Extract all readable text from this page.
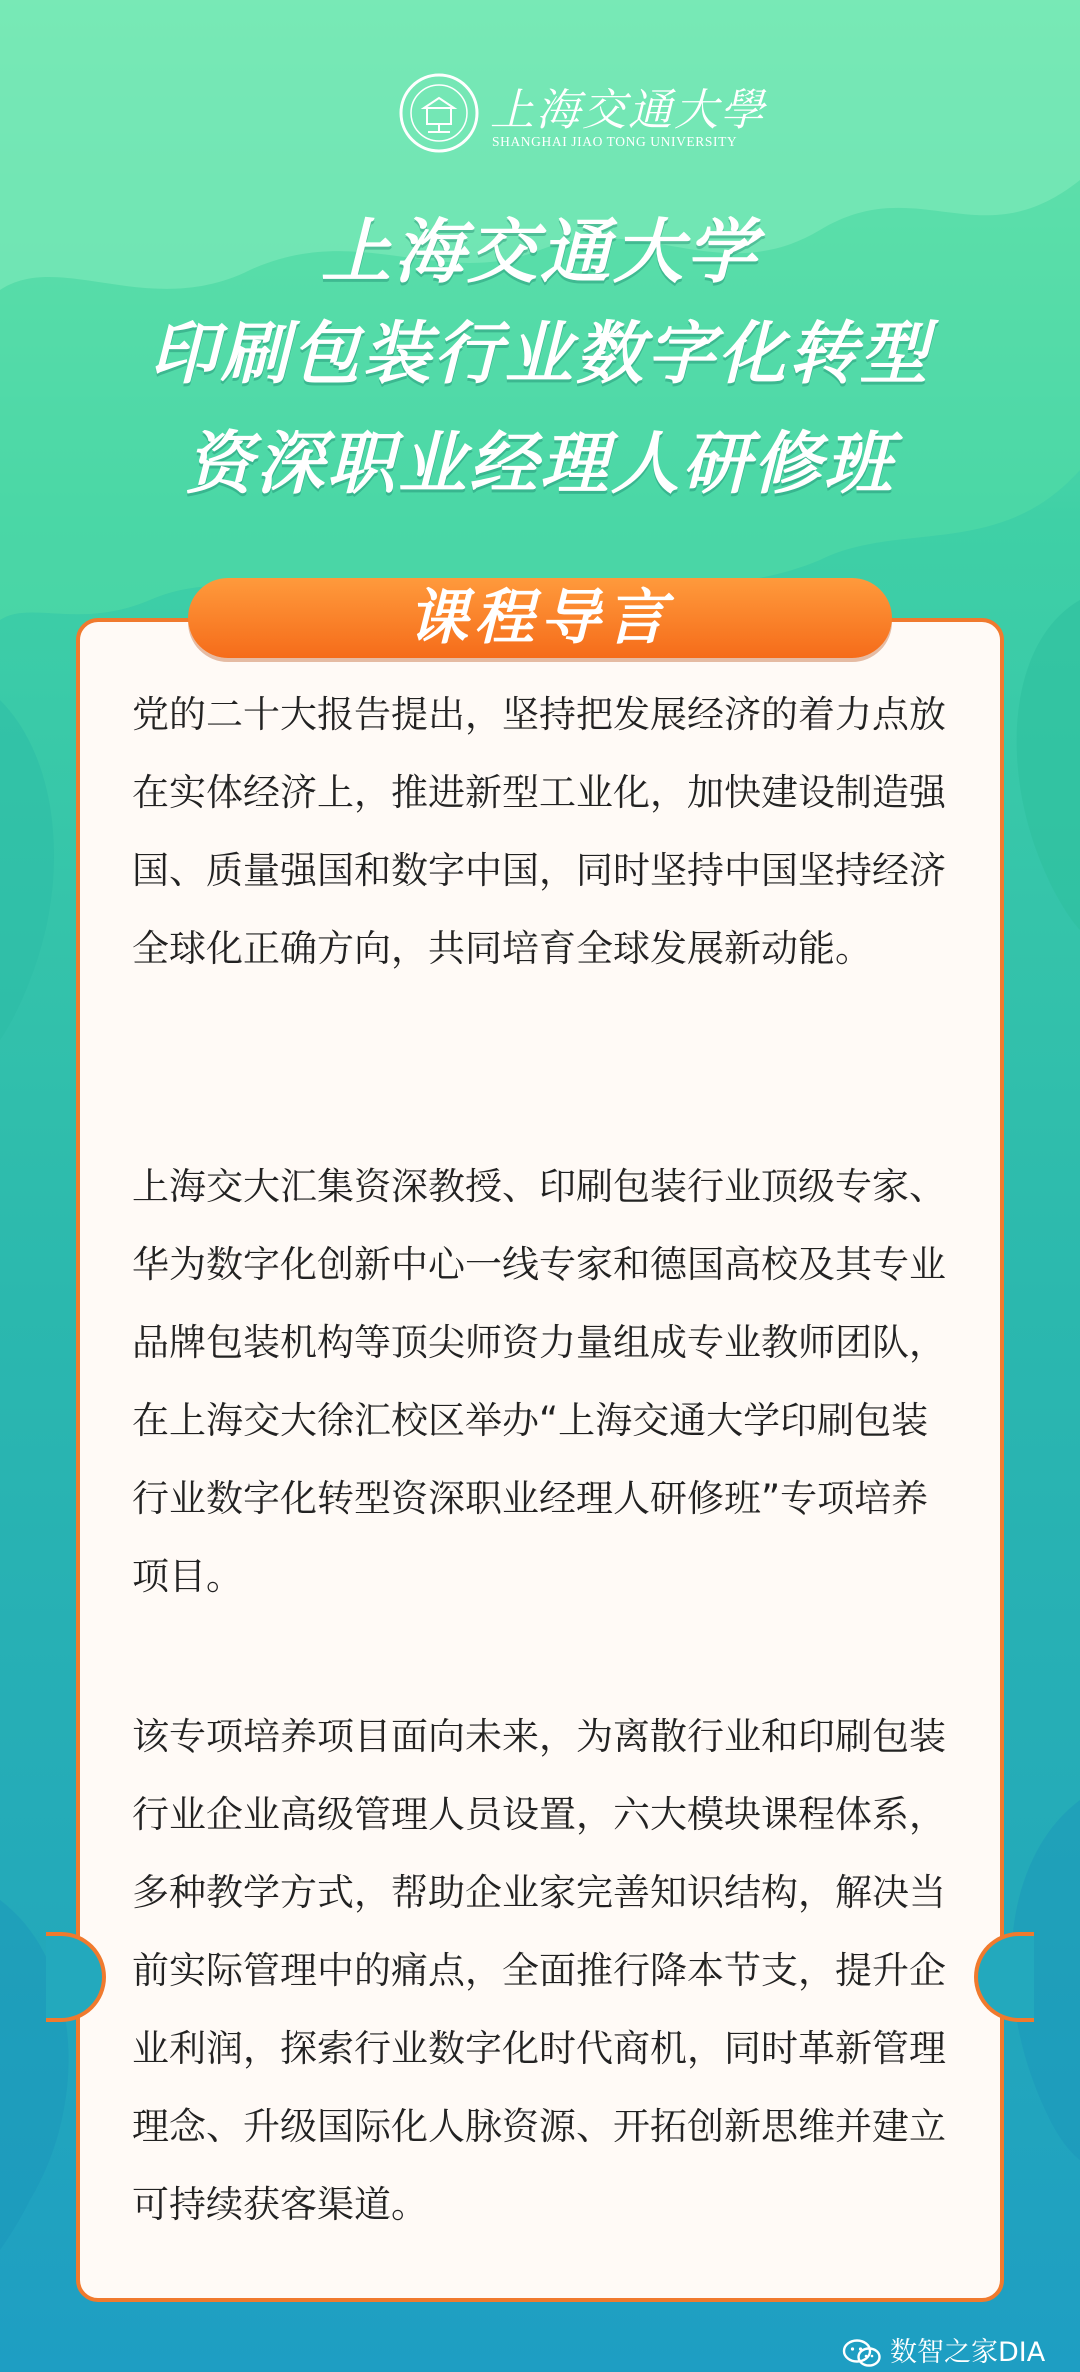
上海交通大學
SHANGHAI JIAO TONG UNIVERSITY
上海交通大学
印刷包装行业数字化转型
资深职业经理人研修班
课程导言

党的二十大报告提出，坚持把发展经济的着力点放在实体经济上，推进新型工业化，加快建设制造强国、质量强国和数字中国，同时坚持中国坚持经济全球化正确方向，共同培育全球发展新动能。

上海交大汇集资深教授、印刷包装行业顶级专家、华为数字化创新中心一线专家和德国高校及其专业品牌包装机构等顶尖师资力量组成专业教师团队，在上海交大徐汇校区举办“上海交通大学印刷包装行业数字化转型资深职业经理人研修班”专项培养项目。

该专项培养项目面向未来，为离散行业和印刷包装行业企业高级管理人员设置，六大模块课程体系，多种教学方式，帮助企业家完善知识结构，解决当前实际管理中的痛点，全面推行降本节支，提升企业利润，探索行业数字化时代商机，同时革新管理理念、升级国际化人脉资源、开拓创新思维并建立可持续获客渠道。

数智之家DIA
